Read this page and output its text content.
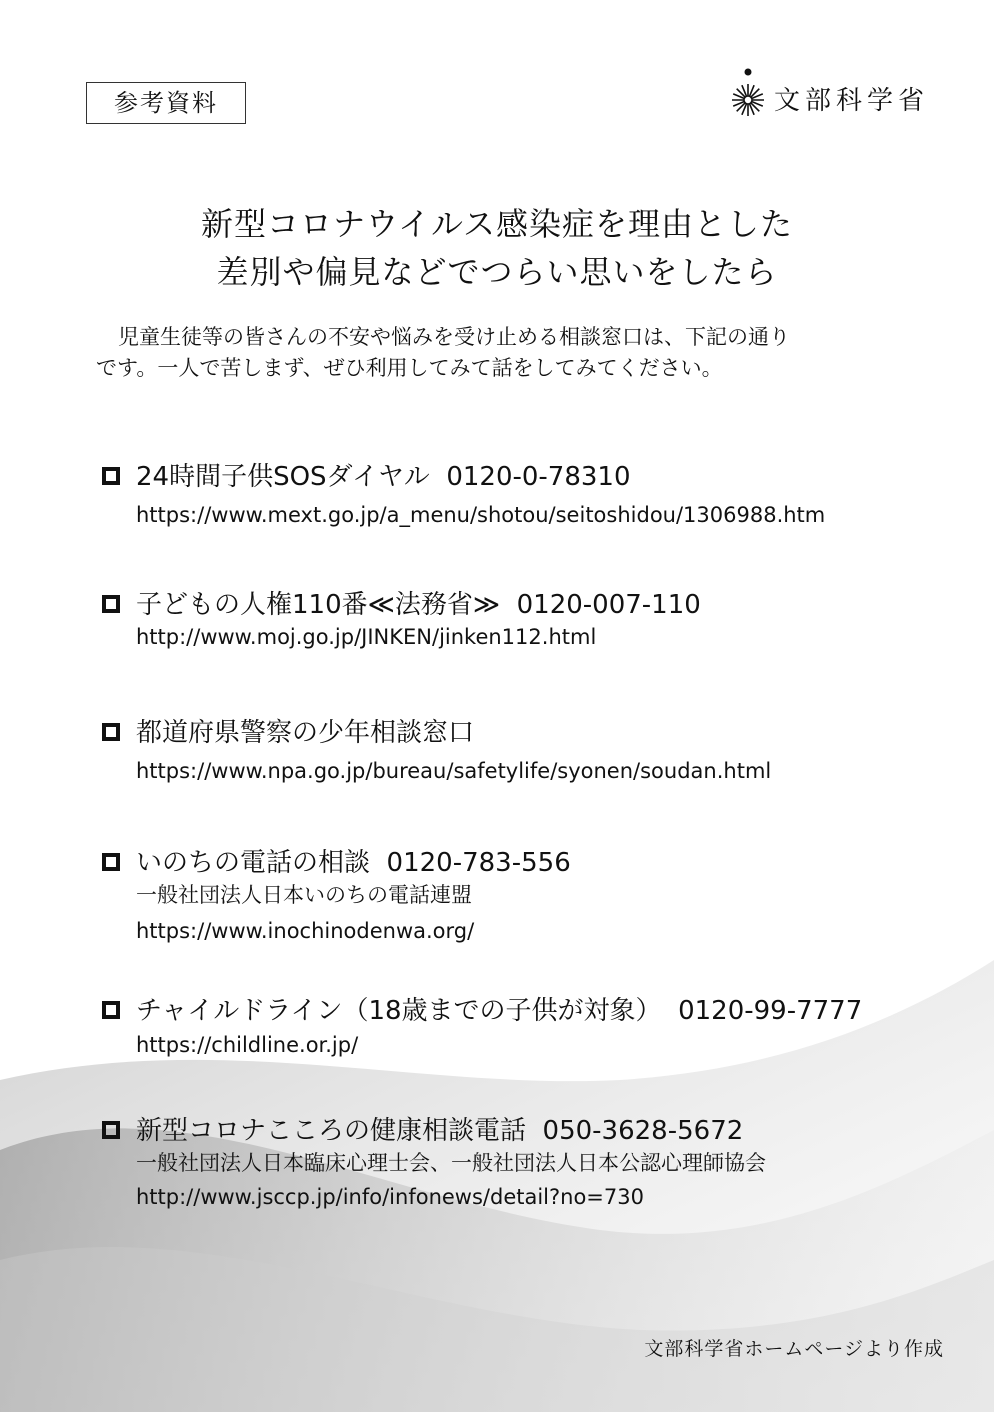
参考資料	文部科学省
新型コロナウイルス感染症を理由とした
差別や偏見などでつらい思いをしたら
児童生徒等の皆さんの不安や悩みを受け止める相談窓口は、下記の通り
です。一人で苦しまず、ぜひ利用してみて話をしてみてください。
24時間子供SOSダイヤル 0120-0-78310
https://www.mext.go.jp/a_menu/shotou/seitoshidou/1306988.htm
子どもの人権110番≪法務省≫ 0120-007-110
http://www.moj.go.jp/JINKEN/jinken112.html
都道府県警察の少年相談窓口
https://www.npa.go.jp/bureau/safetylife/syonen/soudan.html
いのちの電話の相談 0120-783-556
一般社団法人日本いのちの電話連盟
https://www.inochinodenwa.org/
チャイルドライン（18歳までの子供が対象） 0120-99-7777
https://childline.or.jp/
新型コロナこころの健康相談電話 050-3628-5672
一般社団法人日本臨床心理士会、一般社団法人日本公認心理師協会
http://www.jsccp.jp/info/infonews/detail?no=730
文部科学省ホームページより作成
